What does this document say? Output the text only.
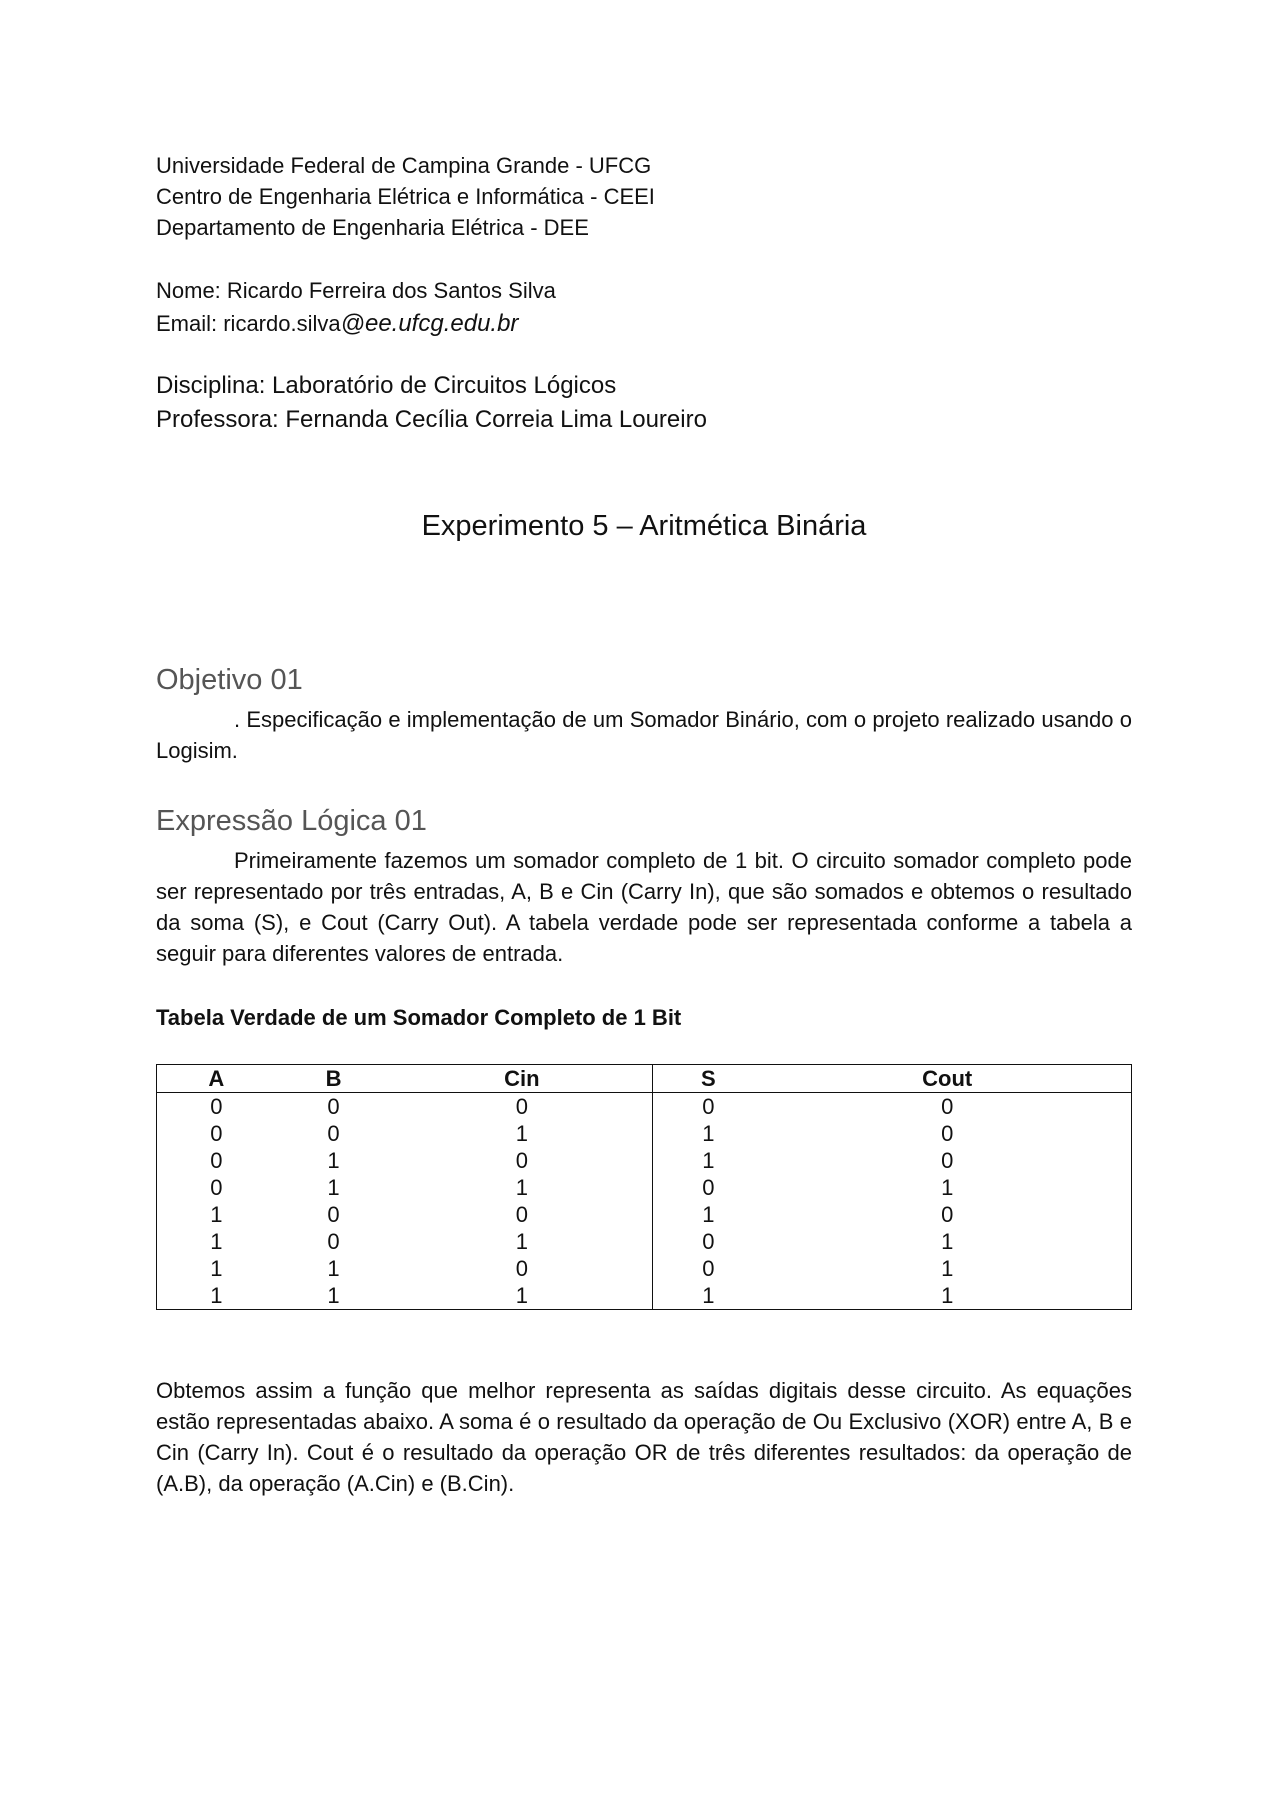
Universidade Federal de Campina Grande - UFCG
Centro de Engenharia Elétrica e Informática - CEEI
Departamento de Engenharia Elétrica - DEE
Nome: Ricardo Ferreira dos Santos Silva
Email: ricardo.silva@ee.ufcg.edu.br
Disciplina: Laboratório de Circuitos Lógicos
Professora: Fernanda Cecília Correia Lima Loureiro
Experimento 5 – Aritmética Binária
Objetivo 01
. Especificação e implementação de um Somador Binário, com o projeto realizado usando o Logisim.
Expressão Lógica 01
Primeiramente fazemos um somador completo de 1 bit. O circuito somador completo pode ser representado por três entradas, A, B e Cin (Carry In), que são somados e obtemos o resultado da soma (S), e Cout (Carry Out). A tabela verdade pode ser representada conforme a tabela a seguir para diferentes valores de entrada.
Tabela Verdade de um Somador Completo de 1 Bit
A	B	Cin	S	Cout
0	0	0	0	0
0	0	1	1	0
0	1	0	1	0
0	1	1	0	1
1	0	0	1	0
1	0	1	0	1
1	1	0	0	1
1	1	1	1	1
Obtemos assim a função que melhor representa as saídas digitais desse circuito. As equações estão representadas abaixo. A soma é o resultado da operação de Ou Exclusivo (XOR) entre A, B e Cin (Carry In). Cout é o resultado da operação OR de três diferentes resultados: da operação de (A.B), da operação (A.Cin) e (B.Cin).
